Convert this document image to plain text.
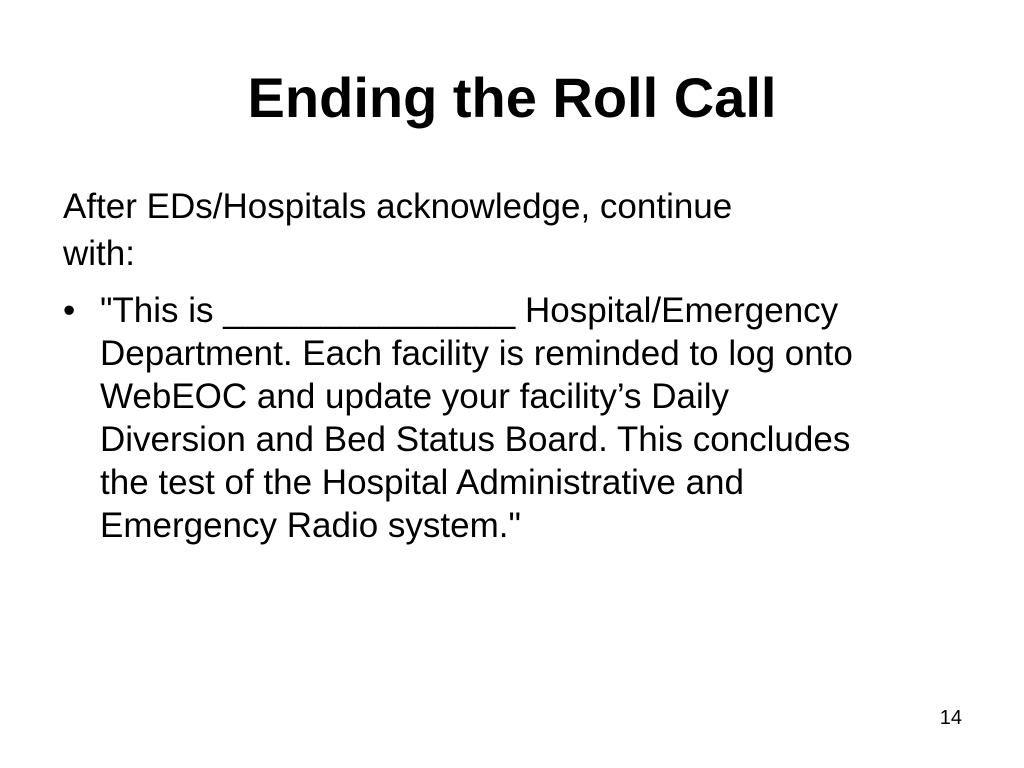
Ending the Roll Call

After EDs/Hospitals acknowledge, continue

with:

• "This is _______________ Hospital/Emergency
Department. Each facility is reminded to log onto
WebEOC and update your facility’s Daily
Diversion and Bed Status Board. This concludes
the test of the Hospital Administrative and
Emergency Radio system."
14
